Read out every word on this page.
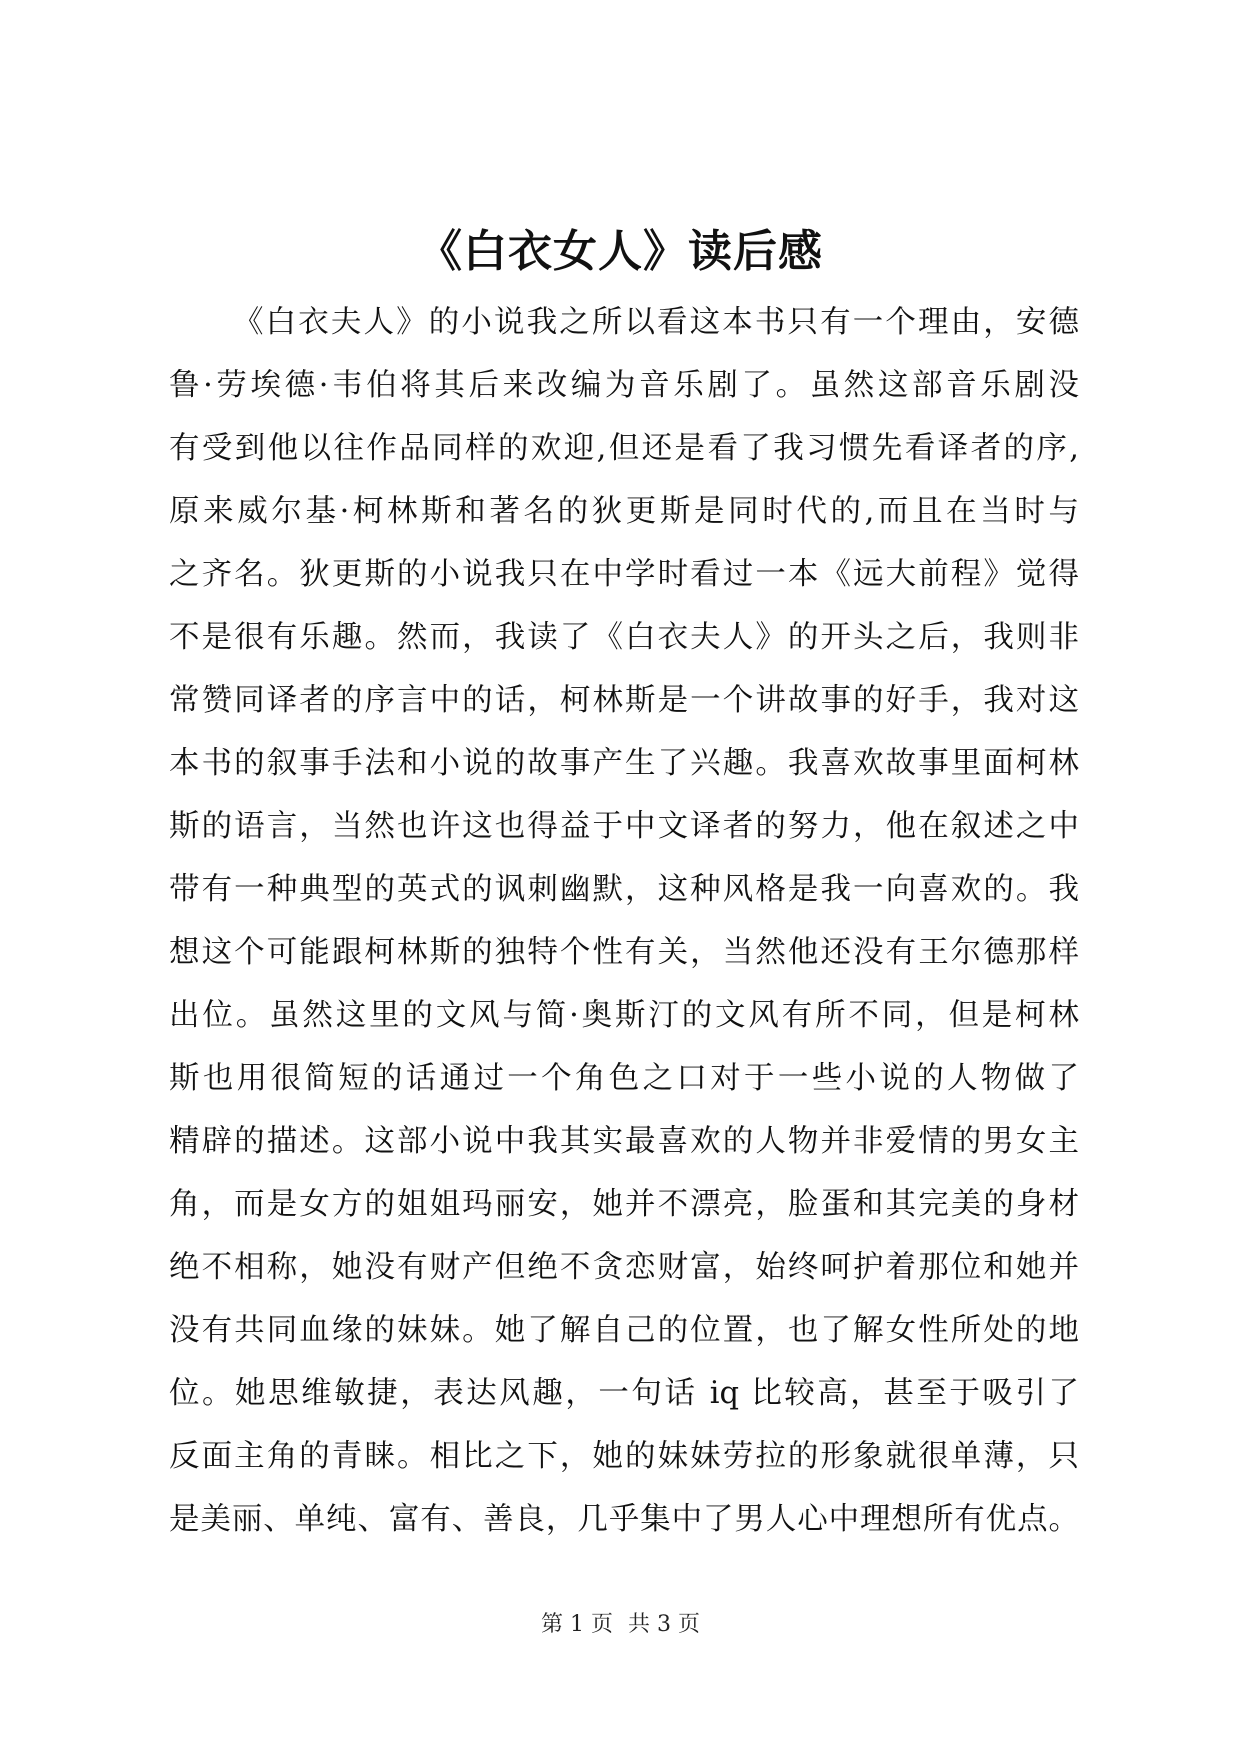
《白衣女人》读后感
《白衣夫人》的小说我之所以看这本书只有一个理由，安德
鲁·劳埃德·韦伯将其后来改编为音乐剧了。虽然这部音乐剧没
有受到他以往作品同样的欢迎,但还是看了我习惯先看译者的序,
原来威尔基·柯林斯和著名的狄更斯是同时代的,而且在当时与
之齐名。狄更斯的小说我只在中学时看过一本《远大前程》觉得
不是很有乐趣。然而，我读了《白衣夫人》的开头之后，我则非
常赞同译者的序言中的话，柯林斯是一个讲故事的好手，我对这
本书的叙事手法和小说的故事产生了兴趣。我喜欢故事里面柯林
斯的语言，当然也许这也得益于中文译者的努力，他在叙述之中
带有一种典型的英式的讽刺幽默，这种风格是我一向喜欢的。我
想这个可能跟柯林斯的独特个性有关，当然他还没有王尔德那样
出位。虽然这里的文风与简·奥斯汀的文风有所不同，但是柯林
斯也用很简短的话通过一个角色之口对于一些小说的人物做了
精辟的描述。这部小说中我其实最喜欢的人物并非爱情的男女主
角，而是女方的姐姐玛丽安，她并不漂亮，脸蛋和其完美的身材
绝不相称，她没有财产但绝不贪恋财富，始终呵护着那位和她并
没有共同血缘的妹妹。她了解自己的位置，也了解女性所处的地
位。她思维敏捷，表达风趣，一句话 iq 比较高，甚至于吸引了
反面主角的青睐。相比之下，她的妹妹劳拉的形象就很单薄，只
是美丽、单纯、富有、善良，几乎集中了男人心中理想所有优点。
第 1 页 共 3 页
